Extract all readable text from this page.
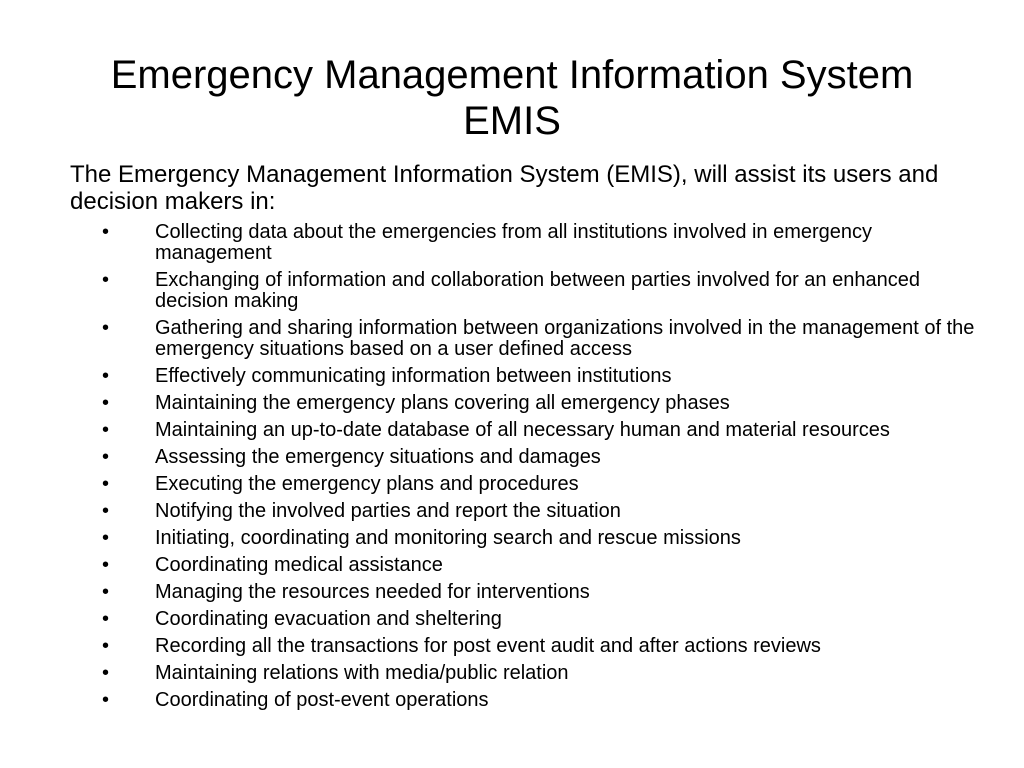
Emergency Management Information System
EMIS

The Emergency Management Information System (EMIS), will assist its users and decision makers in:

• Collecting data about the emergencies from all institutions involved in emergency management
• Exchanging of information and collaboration between parties involved for an enhanced decision making
• Gathering and sharing information between organizations involved in the management of the emergency situations based on a user defined access
• Effectively communicating information between institutions
• Maintaining the emergency plans covering all emergency phases
• Maintaining an up-to-date database of all necessary human and material resources
• Assessing the emergency situations and damages
• Executing the emergency plans and procedures
• Notifying the involved parties and report the situation
• Initiating, coordinating and monitoring search and rescue missions
• Coordinating medical assistance
• Managing the resources needed for interventions
• Coordinating evacuation and sheltering
• Recording all the transactions for post event audit and after actions reviews
• Maintaining relations with media/public relation
• Coordinating of post-event operations
